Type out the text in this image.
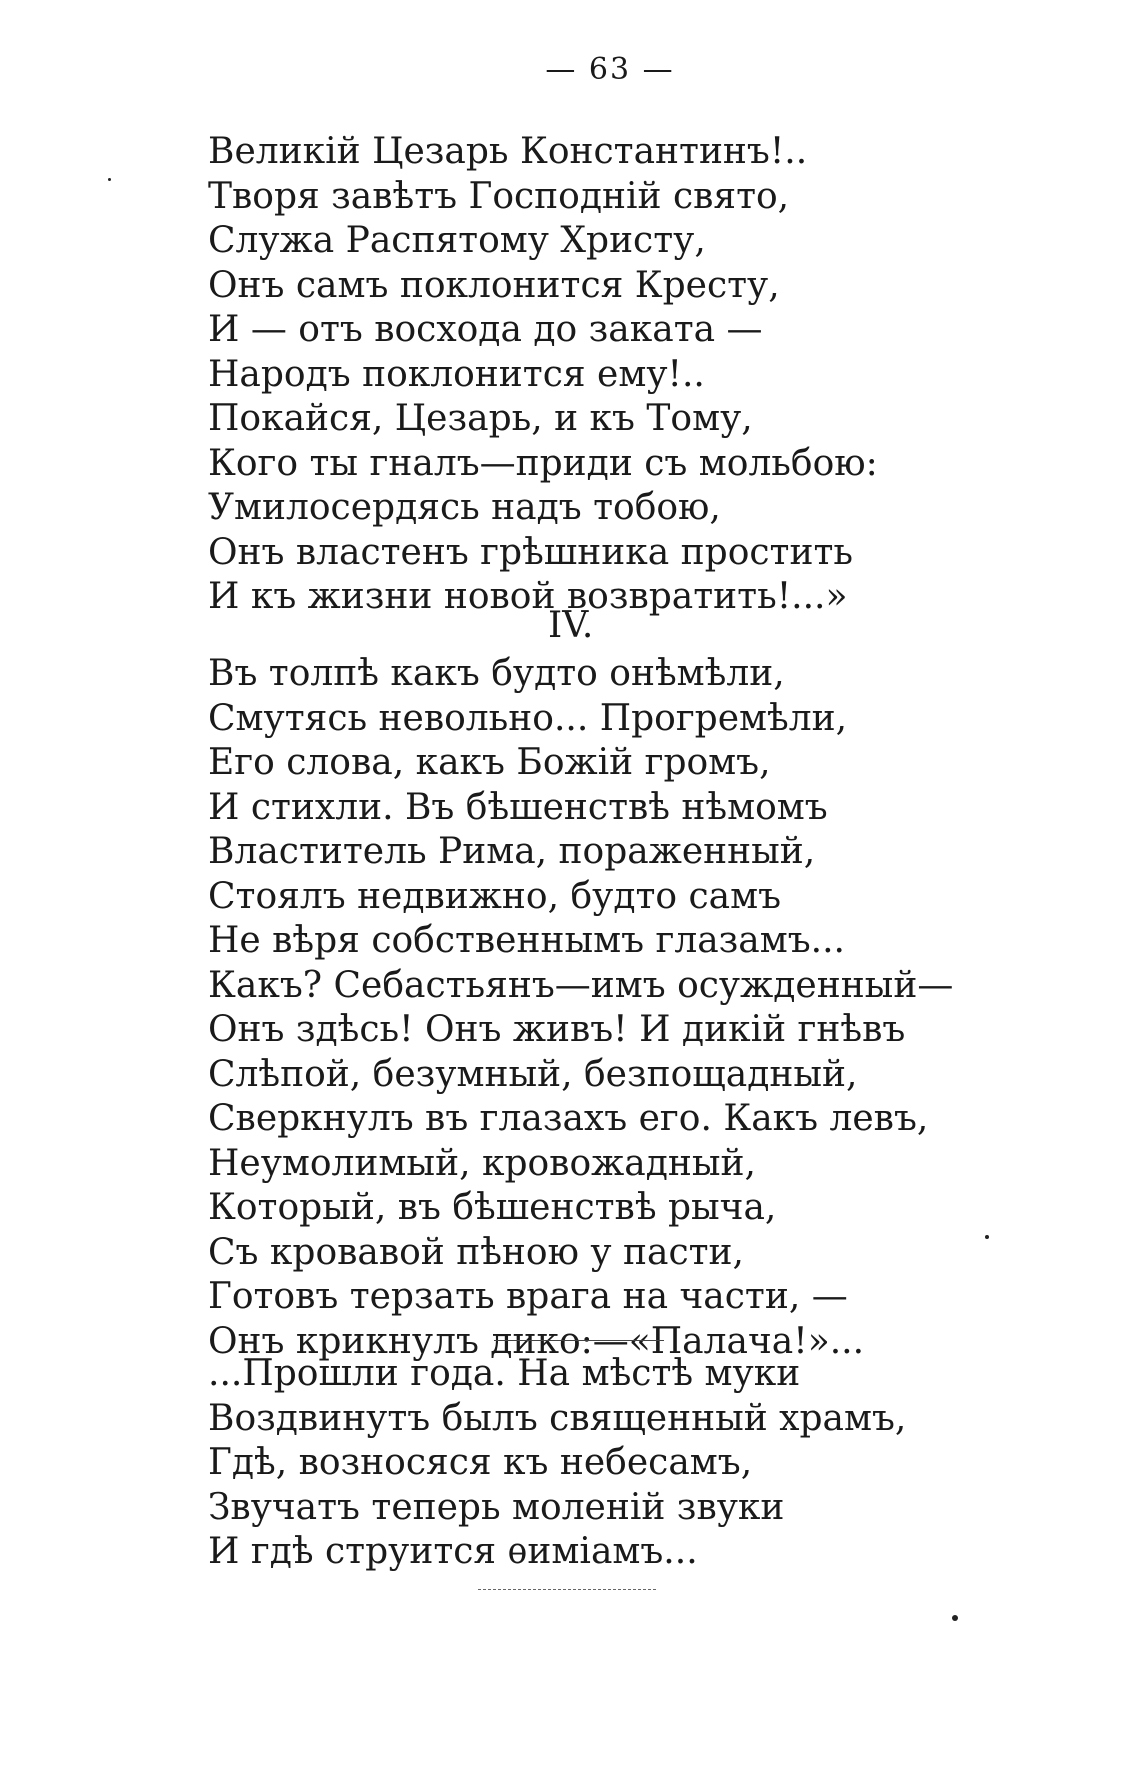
— 63 —
Великій Цезарь Константинъ!..
Творя завѣтъ Господній свято,
Служа Распятому Христу,
Онъ самъ поклонится Кресту,
И — отъ восхода до заката —
Народъ поклонится ему!..
Покайся, Цезарь, и къ Тому,
Кого ты гналъ—приди съ мольбою:
Умилосердясь надъ тобою,
Онъ властенъ грѣшника простить
И къ жизни новой возвратить!...»
IV.
Въ толпѣ какъ будто онѣмѣли,
Смутясь невольно... Прогремѣли,
Его слова, какъ Божій громъ,
И стихли. Въ бѣшенствѣ нѣмомъ
Властитель Рима, пораженный,
Стоялъ недвижно, будто самъ
Не вѣря собственнымъ глазамъ...
Какъ? Себастьянъ—имъ осужденный—
Онъ здѣсь! Онъ живъ! И дикій гнѣвъ
Слѣпой, безумный, безпощадный,
Сверкнулъ въ глазахъ его. Какъ левъ,
Неумолимый, кровожадный,
Который, въ бѣшенствѣ рыча,
Съ кровавой пѣною у пасти,
Готовъ терзать врага на части, —
Онъ крикнулъ дико:—«Палача!»...
...Прошли года. На мѣстѣ муки
Воздвинутъ былъ священный храмъ,
Гдѣ, возносяся къ небесамъ,
Звучатъ теперь моленій звуки
И гдѣ струится ѳиміамъ...
